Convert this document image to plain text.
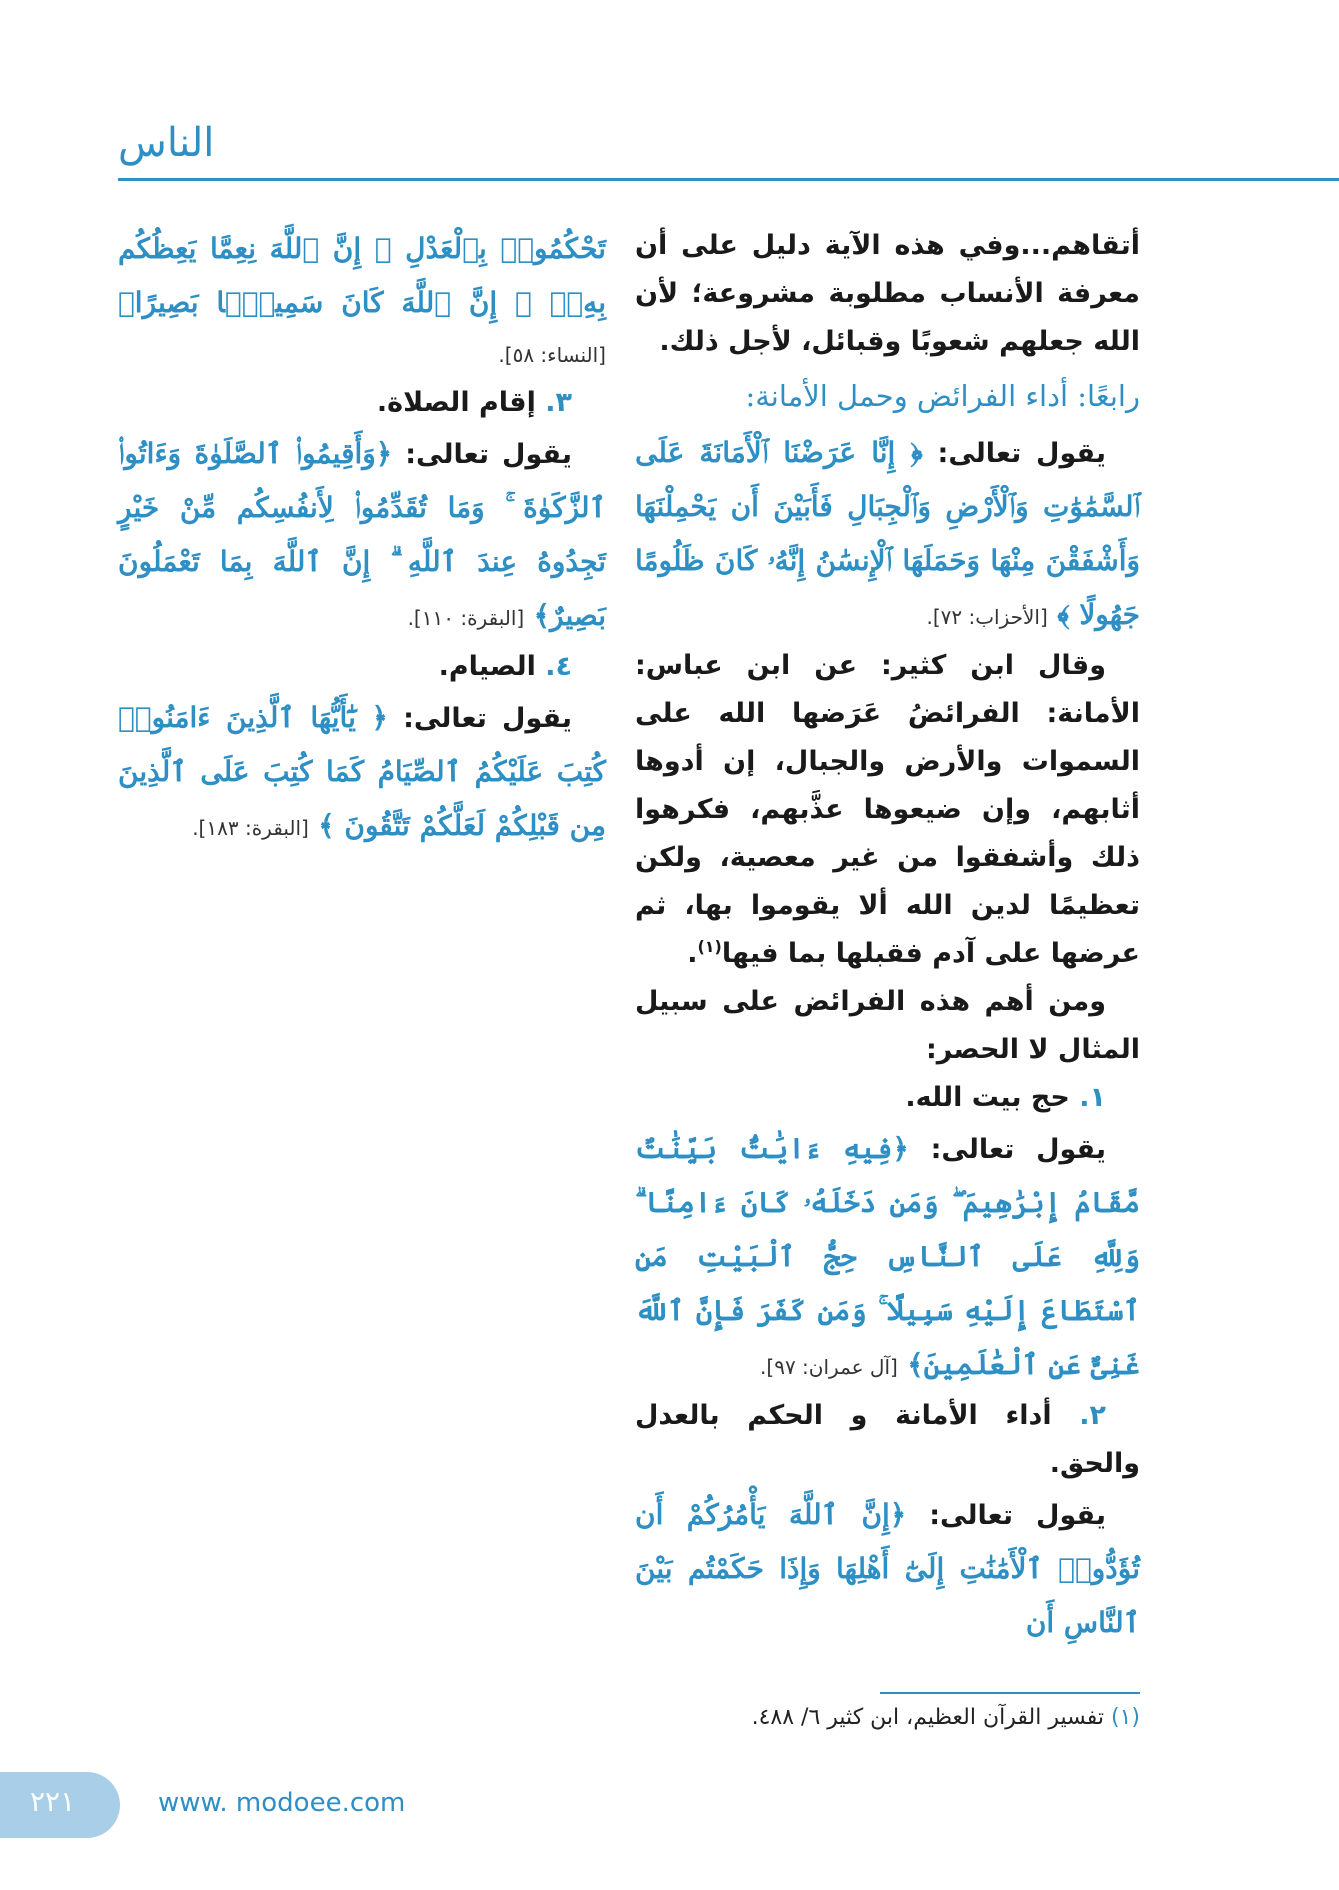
الناس

أتقاهم...وفي هذه الآية دليل على أن معرفة الأنساب مطلوبة مشروعة؛ لأن الله جعلهم شعوبًا وقبائل، لأجل ذلك.

رابعًا: أداء الفرائض وحمل الأمانة:

يقول تعالى: ﴿ إِنَّا عَرَضْنَا ٱلْأَمَانَةَ عَلَى ٱلسَّمَٰوَٰتِ وَٱلْأَرْضِ وَٱلْجِبَالِ فَأَبَيْنَ أَن يَحْمِلْنَهَا وَأَشْفَقْنَ مِنْهَا وَحَمَلَهَا ٱلْإِنسَٰنُ إِنَّهُۥ كَانَ ظَلُومًا جَهُولًا ﴾ [الأحزاب: ٧٢].

وقال ابن كثير: عن ابن عباس: الأمانة: الفرائضُ عَرَضها الله على السموات والأرض والجبال، إن أدوها أثابهم، وإن ضيعوها عذَّبهم، فكرهوا ذلك وأشفقوا من غير معصية، ولكن تعظيمًا لدين الله ألا يقوموا بها، ثم عرضها على آدم فقبلها بما فيها$^{(١)}$.

ومن أهم هذه الفرائض على سبيل المثال لا الحصر:

١. حج بيت الله.

يقول تعالى: ﴿فِيهِ ءَايَٰتٌۢ بَيِّنَٰتٌ مَّقَامُ إِبْرَٰهِيمَ ۖ وَمَن دَخَلَهُۥ كَانَ ءَامِنًا ۗ وَلِلَّهِ عَلَى ٱلنَّاسِ حِجُّ ٱلْبَيْتِ مَنِ ٱسْتَطَاعَ إِلَيْهِ سَبِيلًا ۚ وَمَن كَفَرَ فَإِنَّ ٱللَّهَ غَنِىٌّ عَنِ ٱلْعَٰلَمِينَ﴾ [آل عمران: ٩٧].

٢. أداء الأمانة و الحكم بالعدل والحق.

يقول تعالى: ﴿إِنَّ ٱللَّهَ يَأْمُرُكُمْ أَن تُؤَدُّوا۟ ٱلْأَمَٰنَٰتِ إِلَىٰٓ أَهْلِهَا وَإِذَا حَكَمْتُم بَيْنَ ٱلنَّاسِ أَن

تَحْكُمُوا۟ بِٱلْعَدْلِ ۚ إِنَّ ٱللَّهَ نِعِمَّا يَعِظُكُم بِهِۦٓ ۗ إِنَّ ٱللَّهَ كَانَ سَمِيعًۢا بَصِيرًا﴾ [النساء: ٥٨].

٣. إقام الصلاة.

يقول تعالى: ﴿وَأَقِيمُوا۟ ٱلصَّلَوٰةَ وَءَاتُوا۟ ٱلزَّكَوٰةَ ۚ وَمَا تُقَدِّمُوا۟ لِأَنفُسِكُم مِّنْ خَيْرٍ تَجِدُوهُ عِندَ ٱللَّهِ ۗ إِنَّ ٱللَّهَ بِمَا تَعْمَلُونَ بَصِيرٌ﴾ [البقرة: ١١٠].

٤. الصيام.

يقول تعالى: ﴿ يَٰٓأَيُّهَا ٱلَّذِينَ ءَامَنُوا۟ كُتِبَ عَلَيْكُمُ ٱلصِّيَامُ كَمَا كُتِبَ عَلَى ٱلَّذِينَ مِن قَبْلِكُمْ لَعَلَّكُمْ تَتَّقُونَ ﴾ [البقرة: ١٨٣].

(١) تفسير القرآن العظيم، ابن كثير ٦/ ٤٨٨.
٢٢١	www. modoee.com
